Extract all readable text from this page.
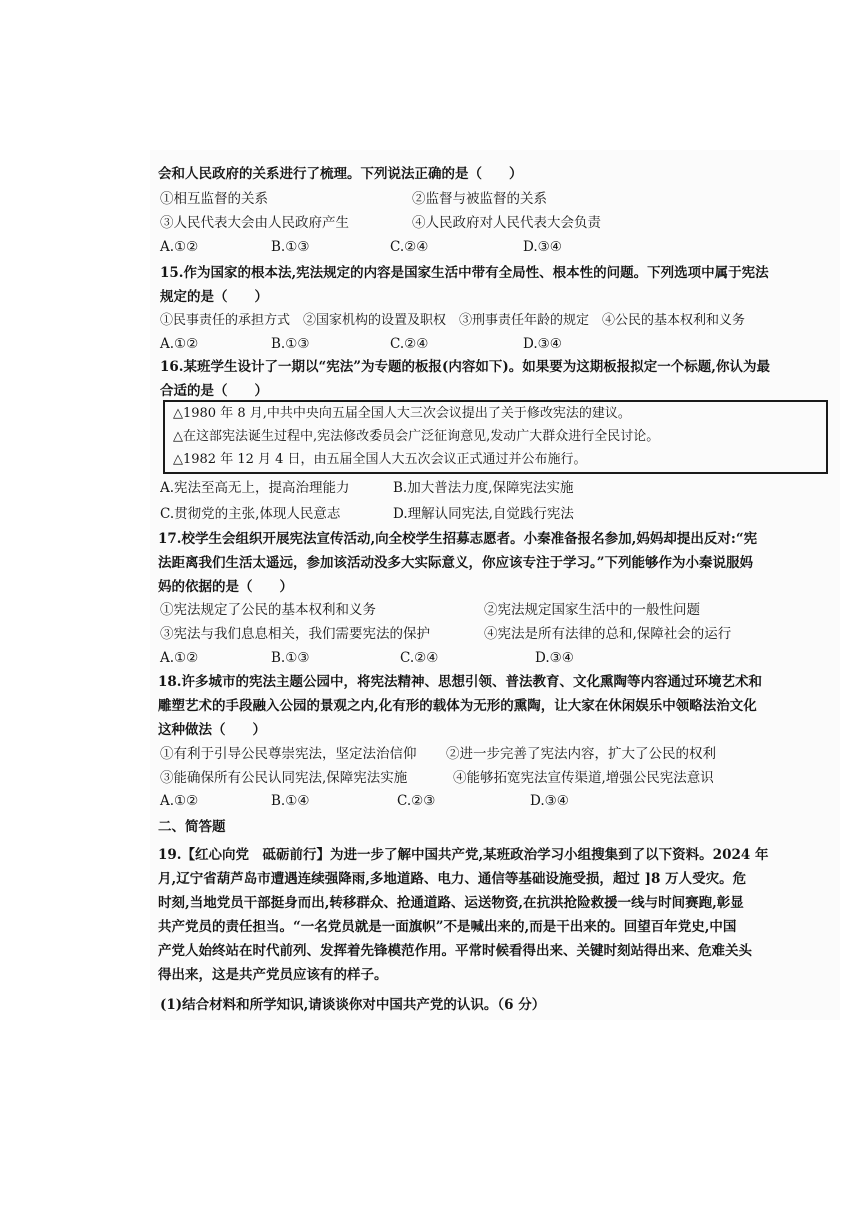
会和人民政府的关系进行了梳理。下列说法正确的是（　　）
①相互监督的关系	②监督与被监督的关系
③人民代表大会由人民政府产生	④人民政府对人民代表大会负责
A.①②	B.①③	C.②④	D.③④
15.作为国家的根本法,宪法规定的内容是国家生活中带有全局性、根本性的问题。下列选项中属于宪法
规定的是（　　）
①民事责任的承担方式　②国家机构的设置及职权　③刑事责任年龄的规定　④公民的基本权利和义务
A.①②	B.①③	C.②④	D.③④
16.某班学生设计了一期以“宪法”为专题的板报(内容如下)。如果要为这期板报拟定一个标题,你认为最
合适的是（　　）
△1980 年 8 月,中共中央向五届全国人大三次会议提出了关于修改宪法的建议。
△在这部宪法诞生过程中,宪法修改委员会广泛征询意见,发动广大群众进行全民讨论。
△1982 年 12 月 4 日，由五届全国人大五次会议正式通过并公布施行。
A.宪法至高无上，提高治理能力	B.加大普法力度,保障宪法实施
C.贯彻党的主张,体现人民意志	D.理解认同宪法,自觉践行宪法
17.校学生会组织开展宪法宣传活动,向全校学生招募志愿者。小秦准备报名参加,妈妈却提出反对:“宪
法距离我们生活太遥远，参加该活动没多大实际意义，你应该专注于学习。”下列能够作为小秦说服妈
妈的依据的是（　　）
①宪法规定了公民的基本权利和义务	②宪法规定国家生活中的一般性问题
③宪法与我们息息相关，我们需要宪法的保护	④宪法是所有法律的总和,保障社会的运行
A.①②	B.①③	C.②④	D.③④
18.许多城市的宪法主题公园中，将宪法精神、思想引领、普法教育、文化熏陶等内容通过环境艺术和
雕塑艺术的手段融入公园的景观之内,化有形的载体为无形的熏陶，让大家在休闲娱乐中领略法治文化
这种做法（　　）
①有利于引导公民尊崇宪法，坚定法治信仰 ②进一步完善了宪法内容，扩大了公民的权利
③能确保所有公民认同宪法,保障宪法实施	④能够拓宽宪法宣传渠道,增强公民宪法意识
A.①②	B.①④	C.②③	D.③④
二、简答题
19.【红心向党　砥砺前行】为进一步了解中国共产党,某班政治学习小组搜集到了以下资料。2024 年
月,辽宁省葫芦岛市遭遇连续强降雨,多地道路、电力、通信等基础设施受损，超过 ]8 万人受灾。危
时刻,当地党员干部挺身而出,转移群众、抢通道路、运送物资,在抗洪抢险救援一线与时间赛跑,彰显
共产党员的责任担当。“一名党员就是一面旗帜”不是喊出来的,而是干出来的。回望百年党史,中国
产党人始终站在时代前列、发挥着先锋模范作用。平常时候看得出来、关键时刻站得出来、危难关头
得出来，这是共产党员应该有的样子。
(1)结合材料和所学知识,请谈谈你对中国共产党的认识。（6 分）
